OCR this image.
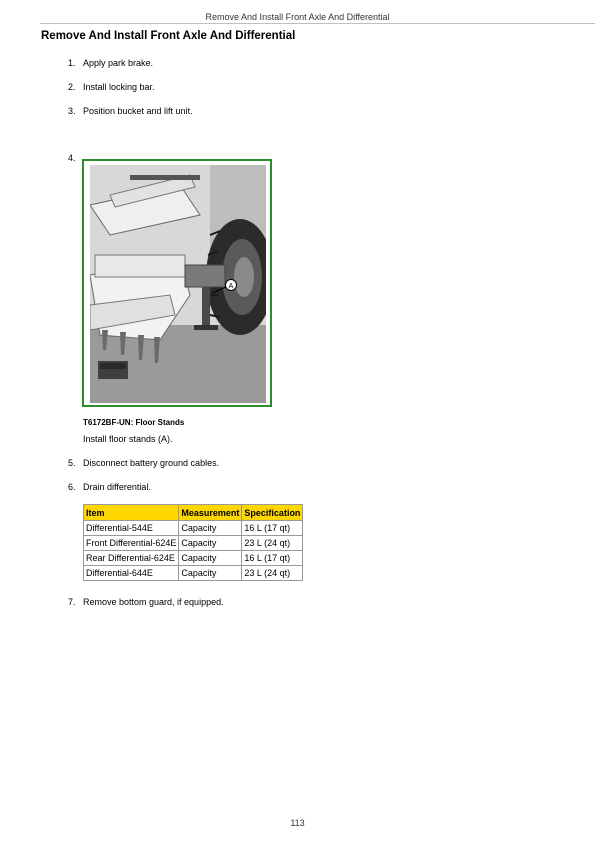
Remove And Install Front Axle And Differential
Remove And Install Front Axle And Differential
1. Apply park brake.
2. Install locking bar.
3. Position bucket and lift unit.
4.
A
T6172BF-UN: Floor Stands
Install floor stands (A).
5. Disconnect battery ground cables.
6. Drain differential.
Item	Measurement	Specification
Differential-544E	Capacity	16 L (17 qt)
Front Differential-624E	Capacity	23 L (24 qt)
Rear Differential-624E	Capacity	16 L (17 qt)
Differential-644E	Capacity	23 L (24 qt)
7. Remove bottom guard, if equipped.
113
